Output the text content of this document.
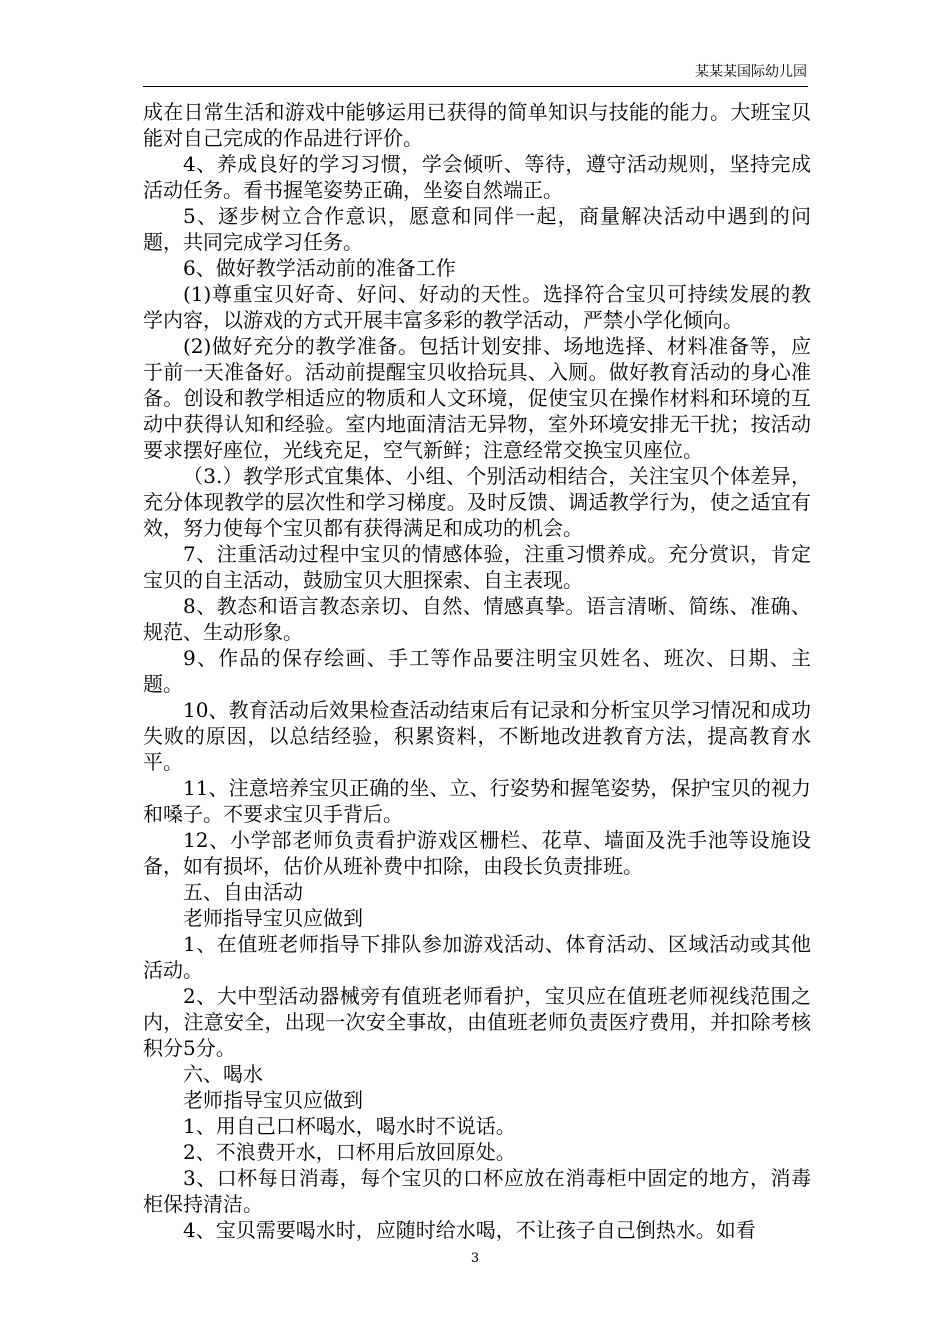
某某某国际幼儿园

成在日常生活和游戏中能够运用已获得的简单知识与技能的能力。大班宝贝能对自己完成的作品进行评价。

4、养成良好的学习习惯，学会倾听、等待，遵守活动规则，坚持完成活动任务。看书握笔姿势正确，坐姿自然端正。

5、逐步树立合作意识，愿意和同伴一起，商量解决活动中遇到的问题，共同完成学习任务。

6、做好教学活动前的准备工作

(1)尊重宝贝好奇、好问、好动的天性。选择符合宝贝可持续发展的教学内容，以游戏的方式开展丰富多彩的教学活动，严禁小学化倾向。

(2)做好充分的教学准备。包括计划安排、场地选择、材料准备等，应于前一天准备好。活动前提醒宝贝收拾玩具、入厕。做好教育活动的身心准备。创设和教学相适应的物质和人文环境，促使宝贝在操作材料和环境的互动中获得认知和经验。室内地面清洁无异物，室外环境安排无干扰；按活动要求摆好座位，光线充足，空气新鲜；注意经常交换宝贝座位。

（3.）教学形式宜集体、小组、个别活动相结合，关注宝贝个体差异，充分体现教学的层次性和学习梯度。及时反馈、调适教学行为，使之适宜有效，努力使每个宝贝都有获得满足和成功的机会。

7、注重活动过程中宝贝的情感体验，注重习惯养成。充分赏识，肯定宝贝的自主活动，鼓励宝贝大胆探索、自主表现。

8、教态和语言教态亲切、自然、情感真挚。语言清晰、简练、准确、规范、生动形象。

9、作品的保存绘画、手工等作品要注明宝贝姓名、班次、日期、主题。

10、教育活动后效果检查活动结束后有记录和分析宝贝学习情况和成功失败的原因，以总结经验，积累资料，不断地改进教育方法，提高教育水平。

11、注意培养宝贝正确的坐、立、行姿势和握笔姿势，保护宝贝的视力和嗓子。不要求宝贝手背后。

12、小学部老师负责看护游戏区栅栏、花草、墙面及洗手池等设施设备，如有损坏，估价从班补费中扣除，由段长负责排班。

五、自由活动

老师指导宝贝应做到

1、在值班老师指导下排队参加游戏活动、体育活动、区域活动或其他活动。

2、大中型活动器械旁有值班老师看护，宝贝应在值班老师视线范围之内，注意安全，出现一次安全事故，由值班老师负责医疗费用，并扣除考核积分5分。

六、喝水

老师指导宝贝应做到

1、用自己口杯喝水，喝水时不说话。

2、不浪费开水，口杯用后放回原处。

3、口杯每日消毒，每个宝贝的口杯应放在消毒柜中固定的地方，消毒柜保持清洁。

4、宝贝需要喝水时，应随时给水喝，不让孩子自己倒热水。如看

3
